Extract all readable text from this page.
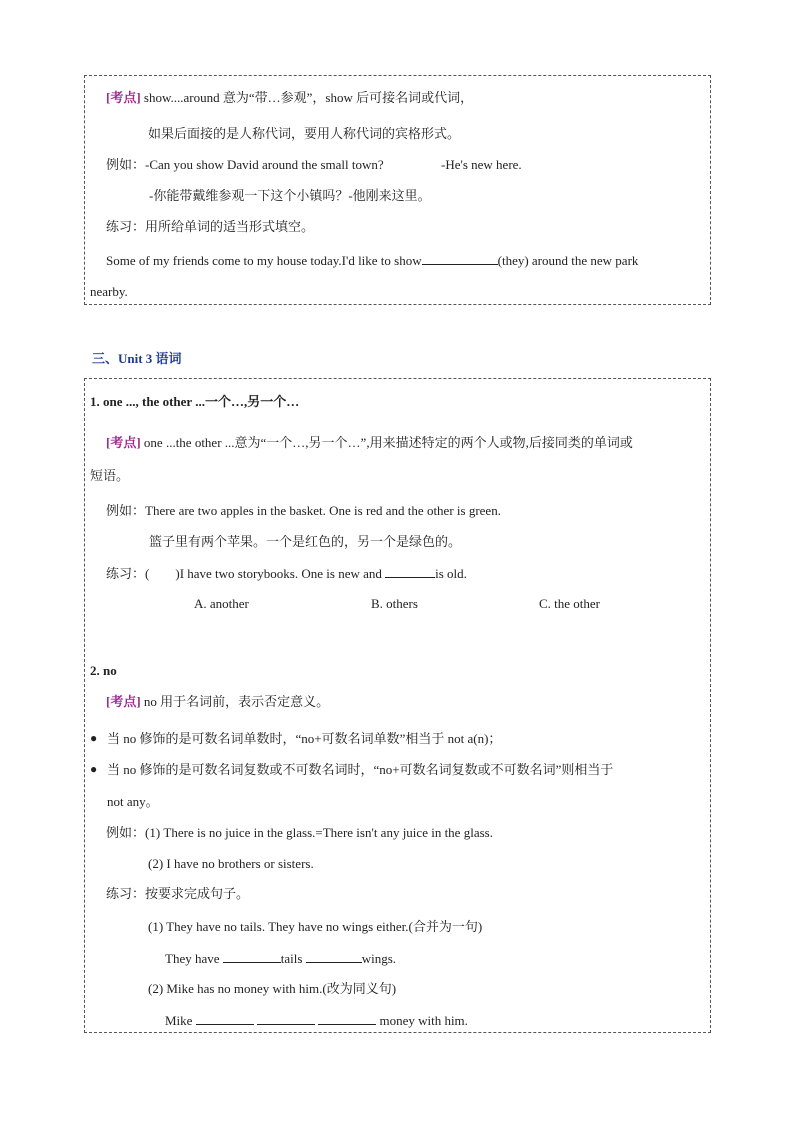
[考点] show....around 意为“带…参观”，show 后可接名词或代词，
如果后面接的是人称代词，要用人称代词的宾格形式。
例如：-Can you show David around the small town?	-He's new here.
-你能带戴维参观一下这个小镇吗？-他刚来这里。
练习：用所给单词的适当形式填空。
Some of my friends come to my house today.I'd like to show	(they) around the new park
nearby.
三、Unit 3 语词
1. one ..., the other ...一个…,另一个…
[考点] one ...the other ...意为“一个…,另一个…”,用来描述特定的两个人或物,后接同类的单词或
短语。
例如：There are two apples in the basket. One is red and the other is green.
篮子里有两个苹果。一个是红色的，另一个是绿色的。
练习：(　　)I have two storybooks. One is new and	is old.
A. another	B. others	C. the other
2. no
[考点] no 用于名词前，表示否定意义。
● 当 no 修饰的是可数名词单数时，“no+可数名词单数”相当于 not a(n)；
● 当 no 修饰的是可数名词复数或不可数名词时，“no+可数名词复数或不可数名词”则相当于
not any。
例如：(1) There is no juice in the glass.=There isn't any juice in the glass.
(2) I have no brothers or sisters.
练习：按要求完成句子。
(1) They have no tails. They have no wings either.(合并为一句)
They have	tails	wings.
(2) Mike has no money with him.(改为同义句)
Mike	money with him.
